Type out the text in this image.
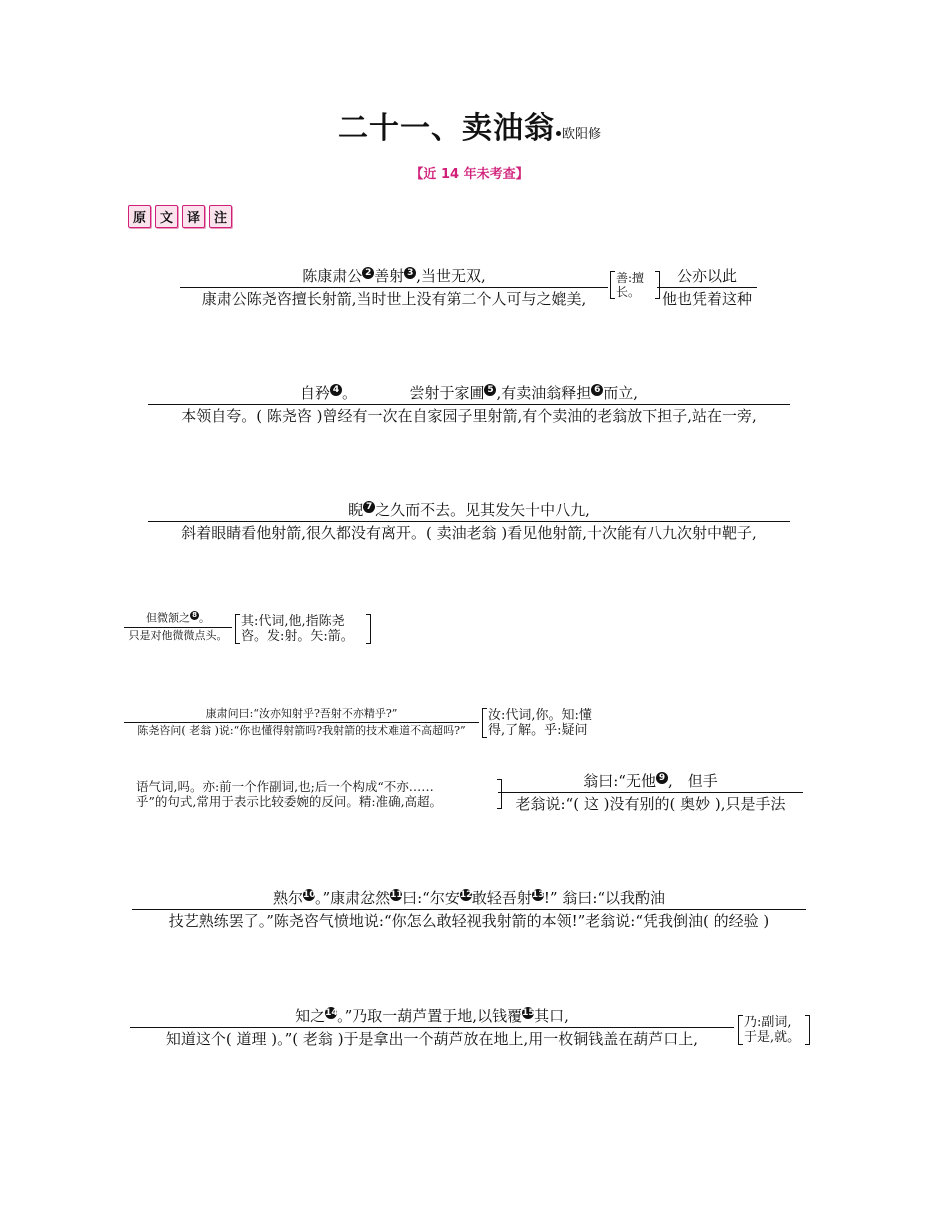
二十一、卖油翁 欧阳修
【近 14 年未考查】
原	文	译	注
陈康肃公 2 善射 3 ,当世无双,
康肃公陈尧咨擅长射箭,当时世上没有第二个人可与之媲美,
善:擅长。
公亦以此
他也凭着这种
自矜 4 。　　　　尝射于家圃 5 ,有卖油翁释担 6 而立,
本领自夸。( 陈尧咨 )曾经有一次在自家园子里射箭,有个卖油的老翁放下担子,站在一旁,
睨 7 之久而不去。见其发矢十中八九,
斜着眼睛看他射箭,很久都没有离开。( 卖油老翁 )看见他射箭,十次能有八九次射中靶子,
但微颔之 8 。
只是对他微微点头。
其:代词,他,指陈尧
咨。发:射。矢:箭。
康肃问曰:“汝亦知射乎?吾射不亦精乎?”
陈尧咨问( 老翁 )说:“你也懂得射箭吗?我射箭的技术难道不高超吗?”
汝:代词,你。知:懂
得,了解。乎:疑问
语气词,吗。亦:前一个作副词,也;后一个构成“不亦……
乎”的句式,常用于表示比较委婉的反问。精:准确,高超。
翁曰:“无他 9 ,　但手
老翁说:“( 这 )没有别的( 奥妙 ),只是手法
熟尔10。”康肃忿然11曰:“尔安12敢轻吾射13!” 翁曰:“以我酌油
技艺熟练罢了。”陈尧咨气愤地说:“你怎么敢轻视我射箭的本领!”老翁说:“凭我倒油( 的经验 )
知之14。”乃取一葫芦置于地,以钱覆15其口,
知道这个( 道理 )。”( 老翁 )于是拿出一个葫芦放在地上,用一枚铜钱盖在葫芦口上,
乃:副词,
于是,就。
